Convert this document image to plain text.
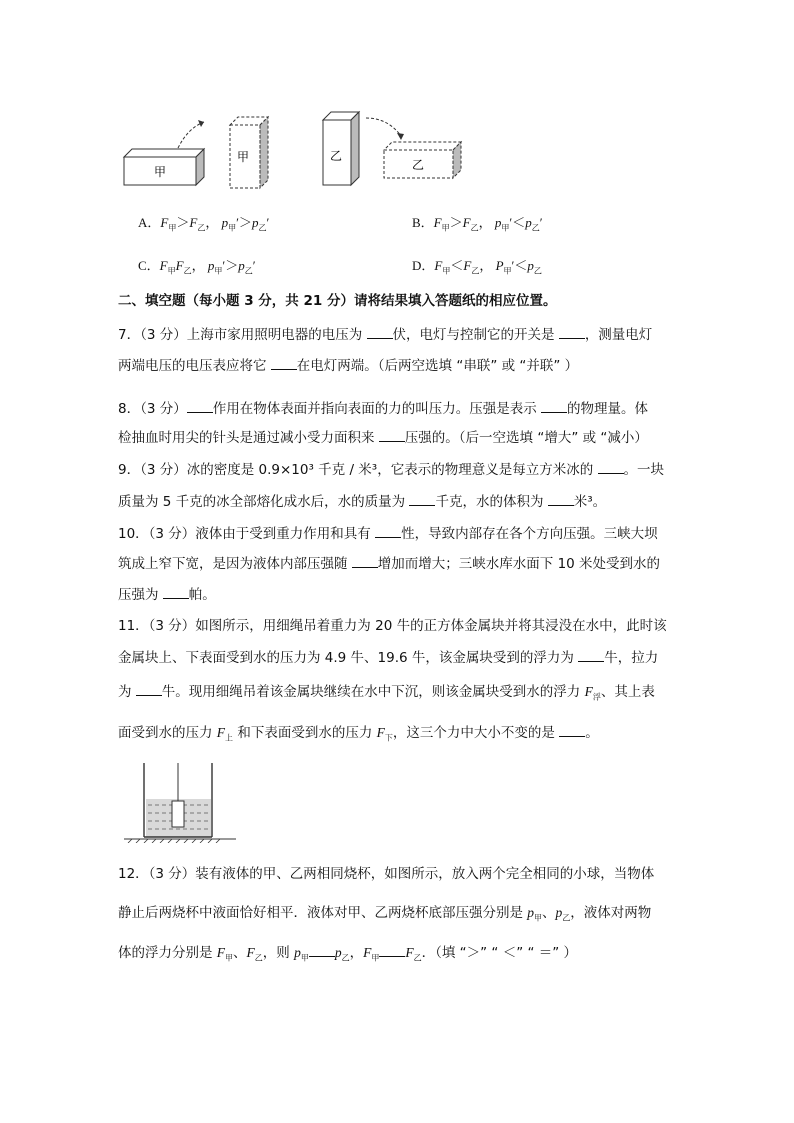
甲
甲	乙
乙
A．$F_甲>F_乙$， $p_甲'>p_乙'$	B．$F_甲>F_乙$， $p_甲'<p_乙'$
C．$F_甲F_乙$， $p_甲'>p_乙'$	D．$F_甲<F_乙$， $P_甲'<p_乙$
二、填空题（每小题 3 分，共 21 分）请将结果填入答题纸的相应位置。
7．（3 分）上海市家用照明电器的电压为 伏，电灯与控制它的开关是 ，测量电灯
两端电压的电压表应将它 在电灯两端。（后两空选填 “串联” 或 “并联” ）
8．（3 分） 作用在物体表面并指向表面的力的叫压力。压强是表示 的物理量。体
检抽血时用尖的针头是通过减小受力面积来 压强的。（后一空选填 “增大” 或 “减小）
9．（3 分）冰的密度是 0.9×10³ 千克 / 米³，它表示的物理意义是每立方米冰的 。一块
质量为 5 千克的冰全部熔化成水后，水的质量为 千克，水的体积为 米³。
10．（3 分）液体由于受到重力作用和具有 性，导致内部存在各个方向压强。三峡大坝
筑成上窄下宽，是因为液体内部压强随 增加而增大；三峡水库水面下 10 米处受到水的
压强为 帕。
11．（3 分）如图所示，用细绳吊着重力为 20 牛的正方体金属块并将其浸没在水中，此时该
金属块上、下表面受到水的压力为 4.9 牛、19.6 牛，该金属块受到的浮力为 牛，拉力
为 牛。现用细绳吊着该金属块继续在水中下沉，则该金属块受到水的浮力 $F_浮$、其上表
面受到水的压力 $F_上$ 和下表面受到水的压力 $F_下$，这三个力中大小不变的是 。
12．（3 分）装有液体的甲、乙两相同烧杯，如图所示，放入两个完全相同的小球，当物体
静止后两烧杯中液面恰好相平．液体对甲、乙两烧杯底部压强分别是 $p_甲$、$p_乙$，液体对两物
体的浮力分别是 $F_甲$、$F_乙$，则 $p_甲$ $p_乙$，$F_甲$ $F_乙$．（填 “＞” “ ＜” “ ＝” ）
